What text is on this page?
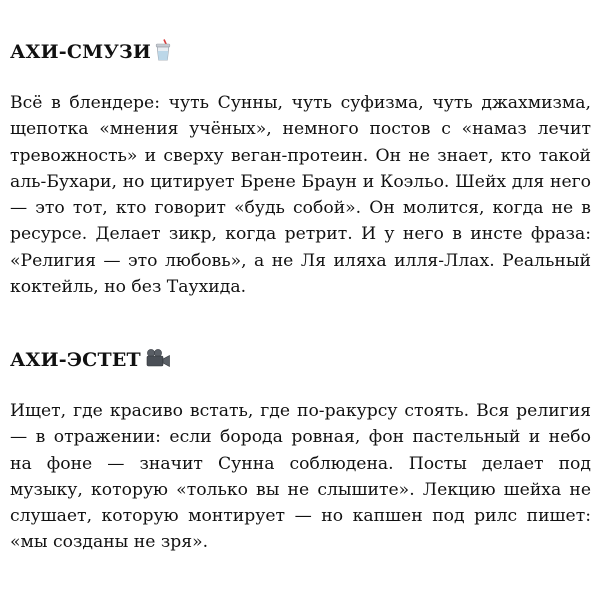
АХИ-СМУЗИ

Всё в блендере: чуть Сунны, чуть суфизма, чуть джахмизма, щепотка «мнения учёных», немного постов с «намаз лечит тревожность» и сверху веган-протеин. Он не знает, кто такой аль-Бухари, но цитирует Брене Браун и Коэльо. Шейх для него — это тот, кто говорит «будь собой». Он молится, когда не в ресурсе. Делает зикр, когда ретрит. И у него в инсте фраза: «Религия — это любовь», а не Ля иляха илля-Ллах. Реальный коктейль, но без Таухида.

АХИ-ЭСТЕТ

Ищет, где красиво встать, где по-ракурсу стоять. Вся религия — в отражении: если борода ровная, фон пастельный и небо на фоне — значит Сунна соблюдена. Посты делает под музыку, которую «только вы не слышите». Лекцию шейха не слушает, которую монтирует — но капшен под рилс пишет: «мы созданы не зря».
